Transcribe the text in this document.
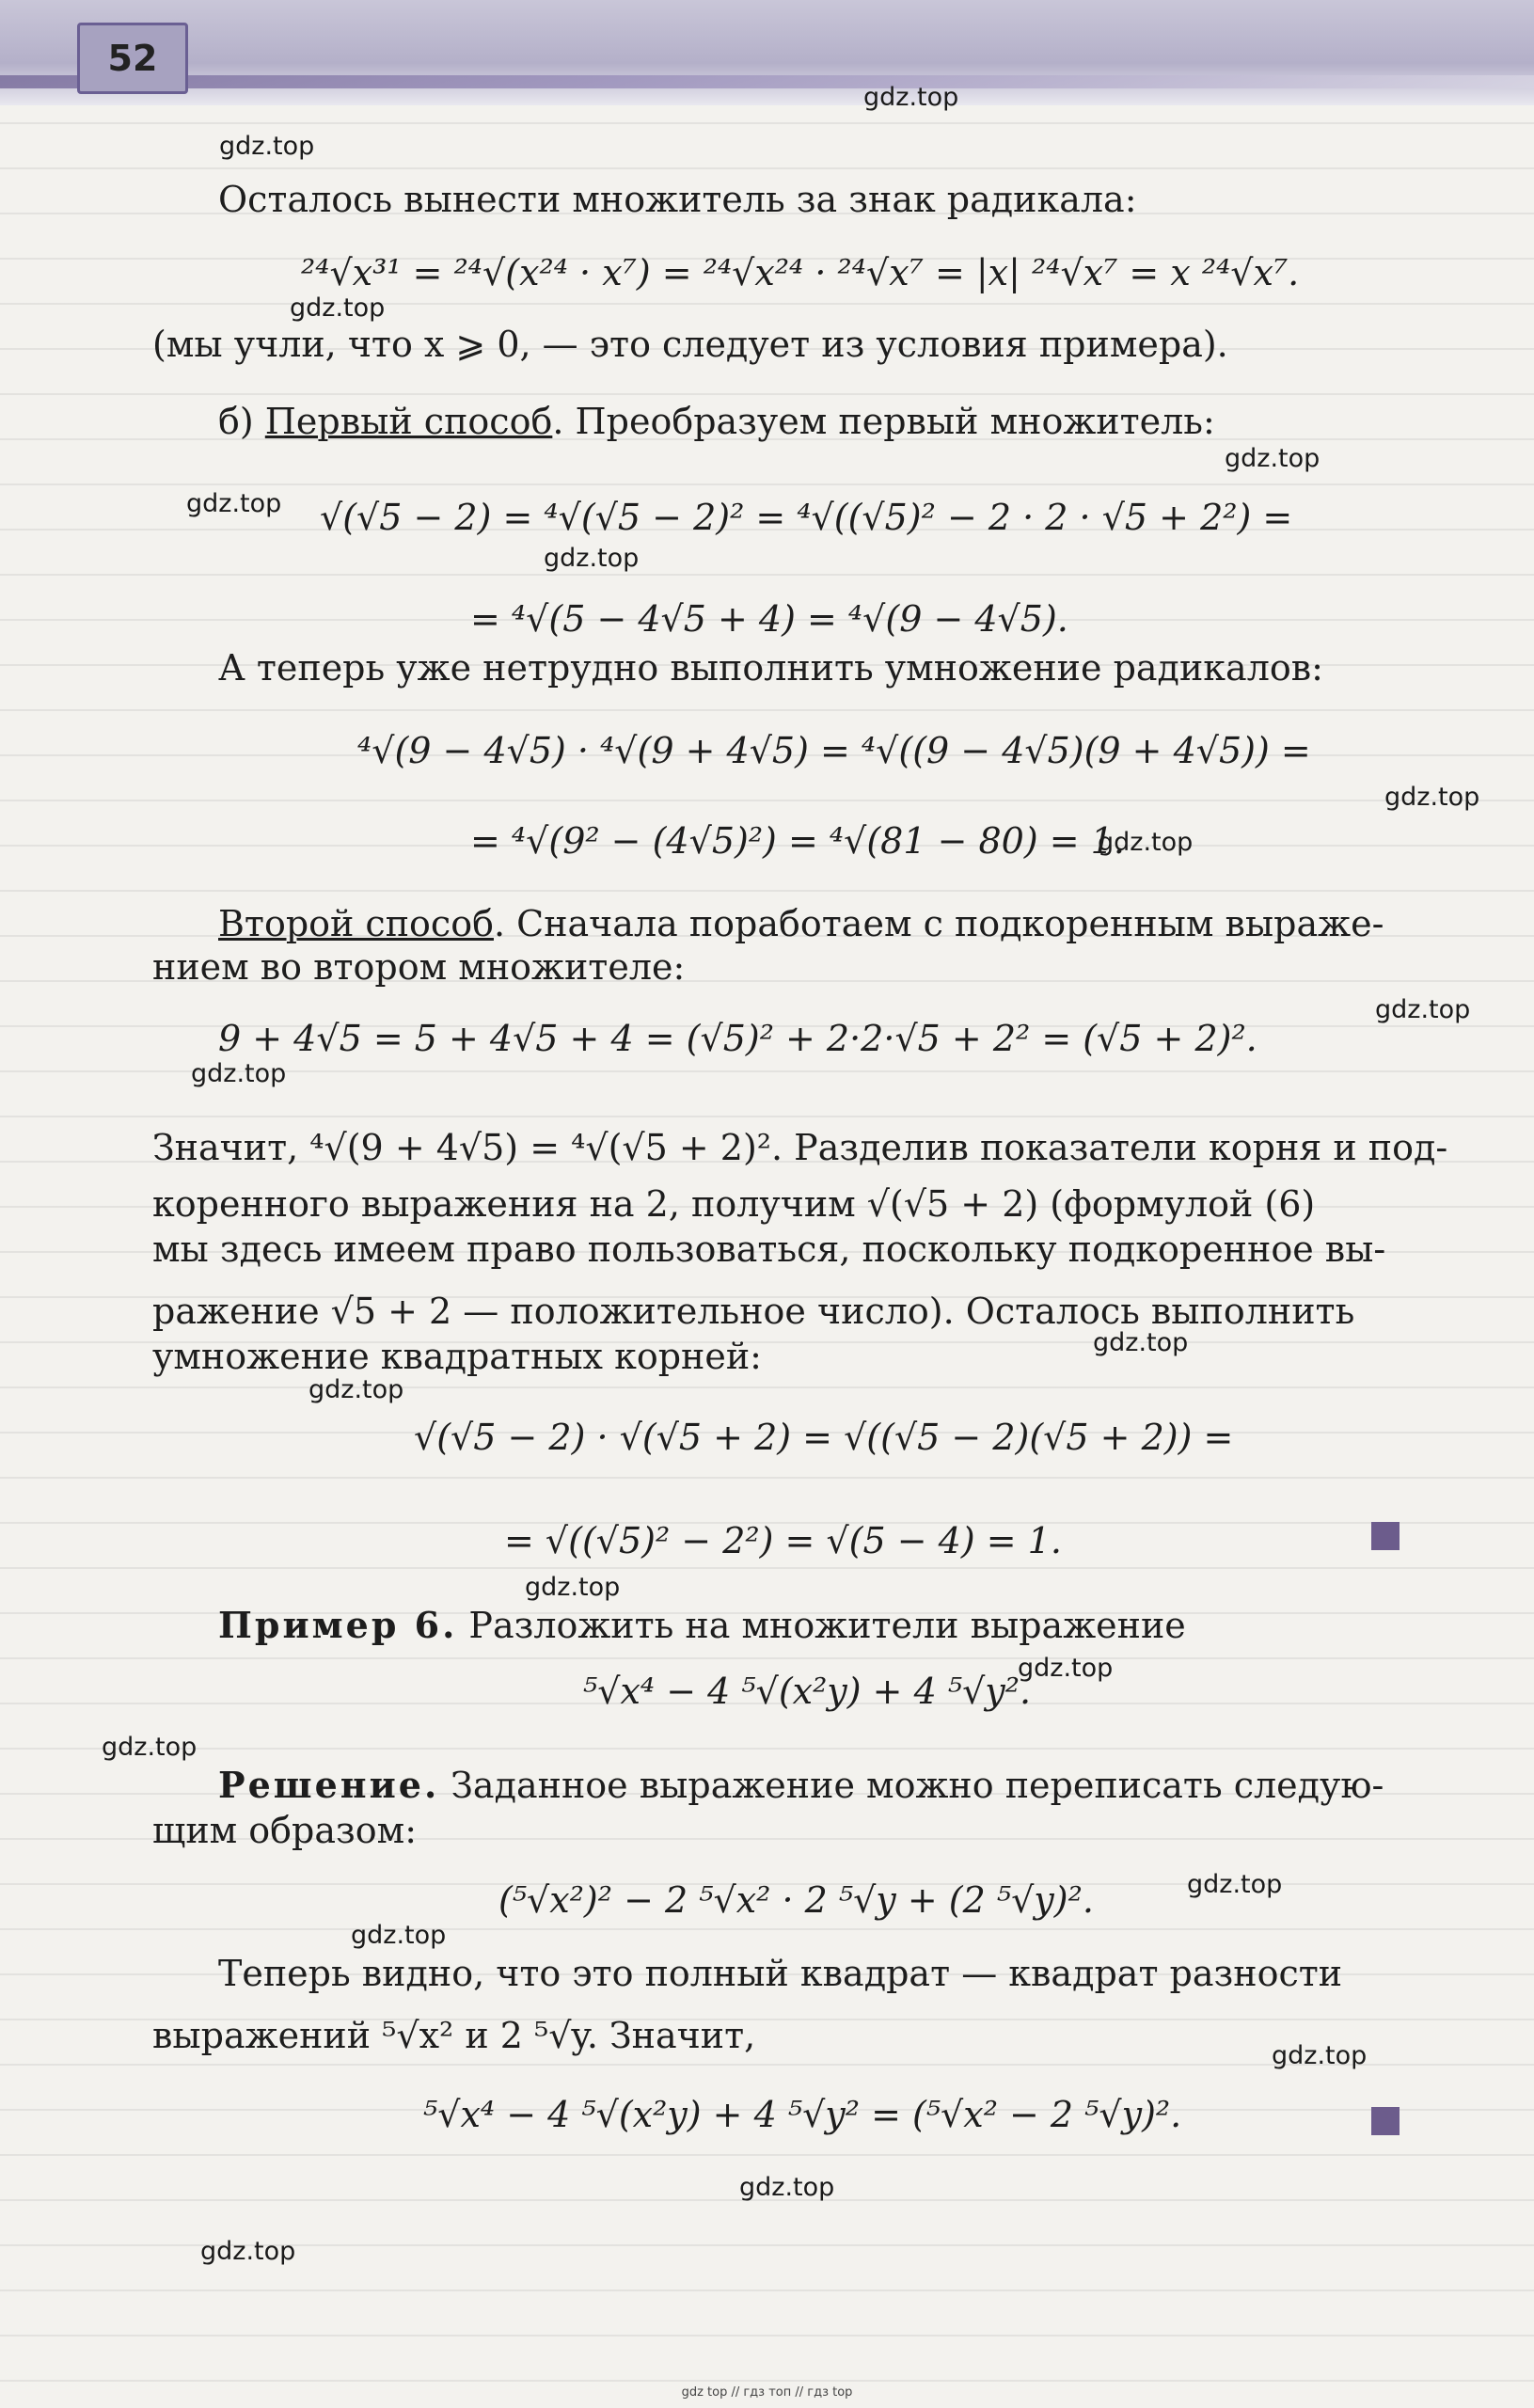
52
gdz.top
gdz.top
gdz.top
gdz.top
gdz.top
gdz.top
gdz.top
gdz.top
gdz.top
gdz.top
gdz.top
gdz.top
gdz.top
gdz.top
gdz.top
gdz.top
gdz.top
gdz.top
gdz.top
gdz.top
Осталось вынести множитель за знак радикала:
²⁴√x³¹ = ²⁴√(x²⁴ · x⁷) = ²⁴√x²⁴ · ²⁴√x⁷ = |x| ²⁴√x⁷ = x ²⁴√x⁷.
(мы учли, что x ⩾ 0, — это следует из условия примера).
б) Первый способ. Преобразуем первый множитель:
√(√5 − 2) = ⁴√(√5 − 2)² = ⁴√((√5)² − 2 · 2 · √5 + 2²) =
= ⁴√(5 − 4√5 + 4) = ⁴√(9 − 4√5).
А теперь уже нетрудно выполнить умножение радикалов:
⁴√(9 − 4√5) · ⁴√(9 + 4√5) = ⁴√((9 − 4√5)(9 + 4√5)) =
= ⁴√(9² − (4√5)²) = ⁴√(81 − 80) = 1.
Второй способ. Сначала поработаем с подкоренным выраже-
нием во втором множителе:
9 + 4√5 = 5 + 4√5 + 4 = (√5)² + 2·2·√5 + 2² = (√5 + 2)².
Значит, ⁴√(9 + 4√5) = ⁴√(√5 + 2)². Разделив показатели корня и под-
коренного выражения на 2, получим √(√5 + 2) (формулой (6)
мы здесь имеем право пользоваться, поскольку подкоренное вы-
ражение √5 + 2 — положительное число). Осталось выполнить
умножение квадратных корней:
√(√5 − 2) · √(√5 + 2) = √((√5 − 2)(√5 + 2)) =
= √((√5)² − 2²) = √(5 − 4) = 1.
Пример 6. Разложить на множители выражение
⁵√x⁴ − 4 ⁵√(x²y) + 4 ⁵√y².
Решение. Заданное выражение можно переписать следую-
щим образом:
(⁵√x²)² − 2 ⁵√x² · 2 ⁵√y + (2 ⁵√y)².
Теперь видно, что это полный квадрат — квадрат разности
выражений ⁵√x² и 2 ⁵√y. Значит,
⁵√x⁴ − 4 ⁵√(x²y) + 4 ⁵√y² = (⁵√x² − 2 ⁵√y)².
gdz top // гдз топ // гдз top
